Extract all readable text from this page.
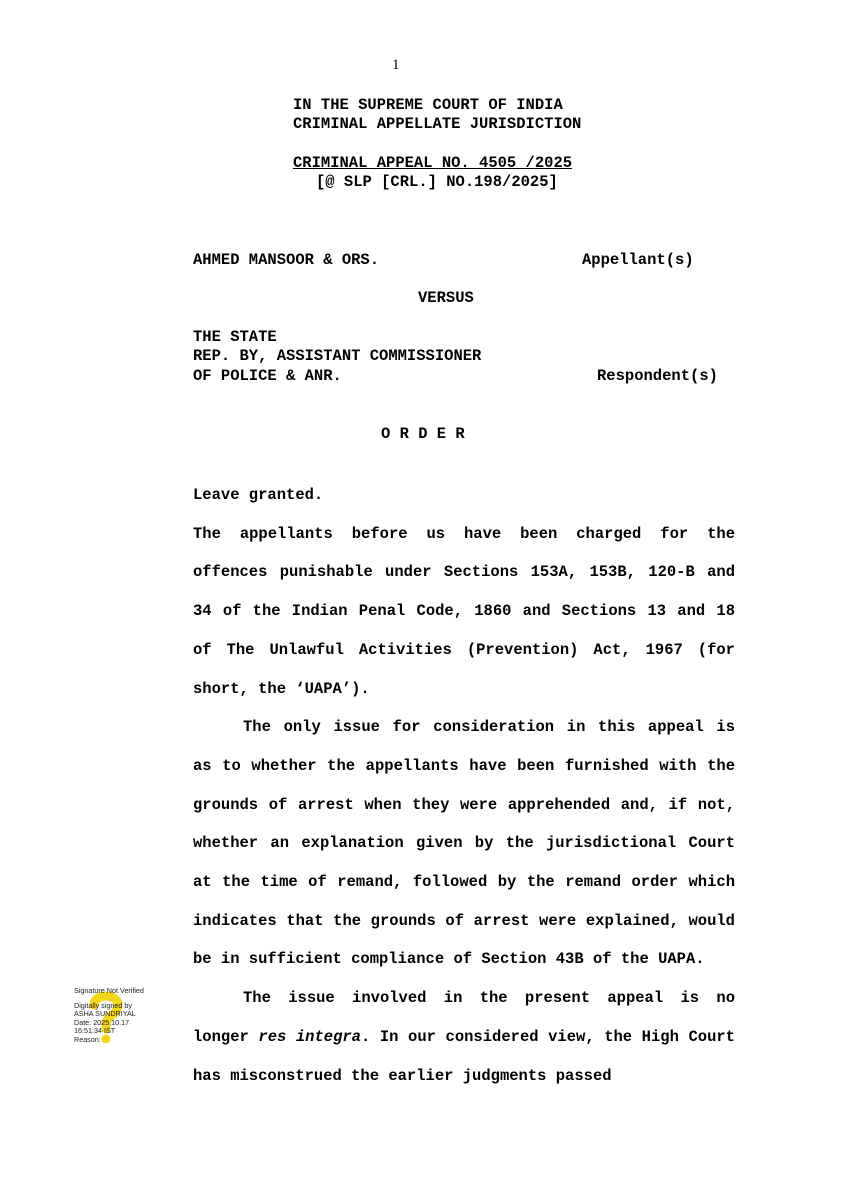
1
IN THE SUPREME COURT OF INDIA
CRIMINAL APPELLATE JURISDICTION
CRIMINAL APPEAL NO. 4505 /2025
[@ SLP [CRL.] NO.198/2025]
AHMED MANSOOR & ORS.	Appellant(s)
VERSUS
THE STATE
REP. BY, ASSISTANT COMMISSIONER
OF POLICE & ANR.	Respondent(s)
O R D E R

Leave granted.

The appellants before us have been charged for the offences punishable under Sections 153A, 153B, 120-B and 34 of the Indian Penal Code, 1860 and Sections 13 and 18 of The Unlawful Activities (Prevention) Act, 1967 (for short, the ‘UAPA’).

The only issue for consideration in this appeal is as to whether the appellants have been furnished with the grounds of arrest when they were apprehended and, if not, whether an explanation given by the jurisdictional Court at the time of remand, followed by the remand order which indicates that the grounds of arrest were explained, would be in sufficient compliance of Section 43B of the UAPA.

The issue involved in the present appeal is no longer res integra. In our considered view, the High Court has misconstrued the earlier judgments passed

Signature Not Verified
Digitally signed by
ASHA SUNDRIYAL
Date: 2025.10.17
16:51:34 IST
Reason:
